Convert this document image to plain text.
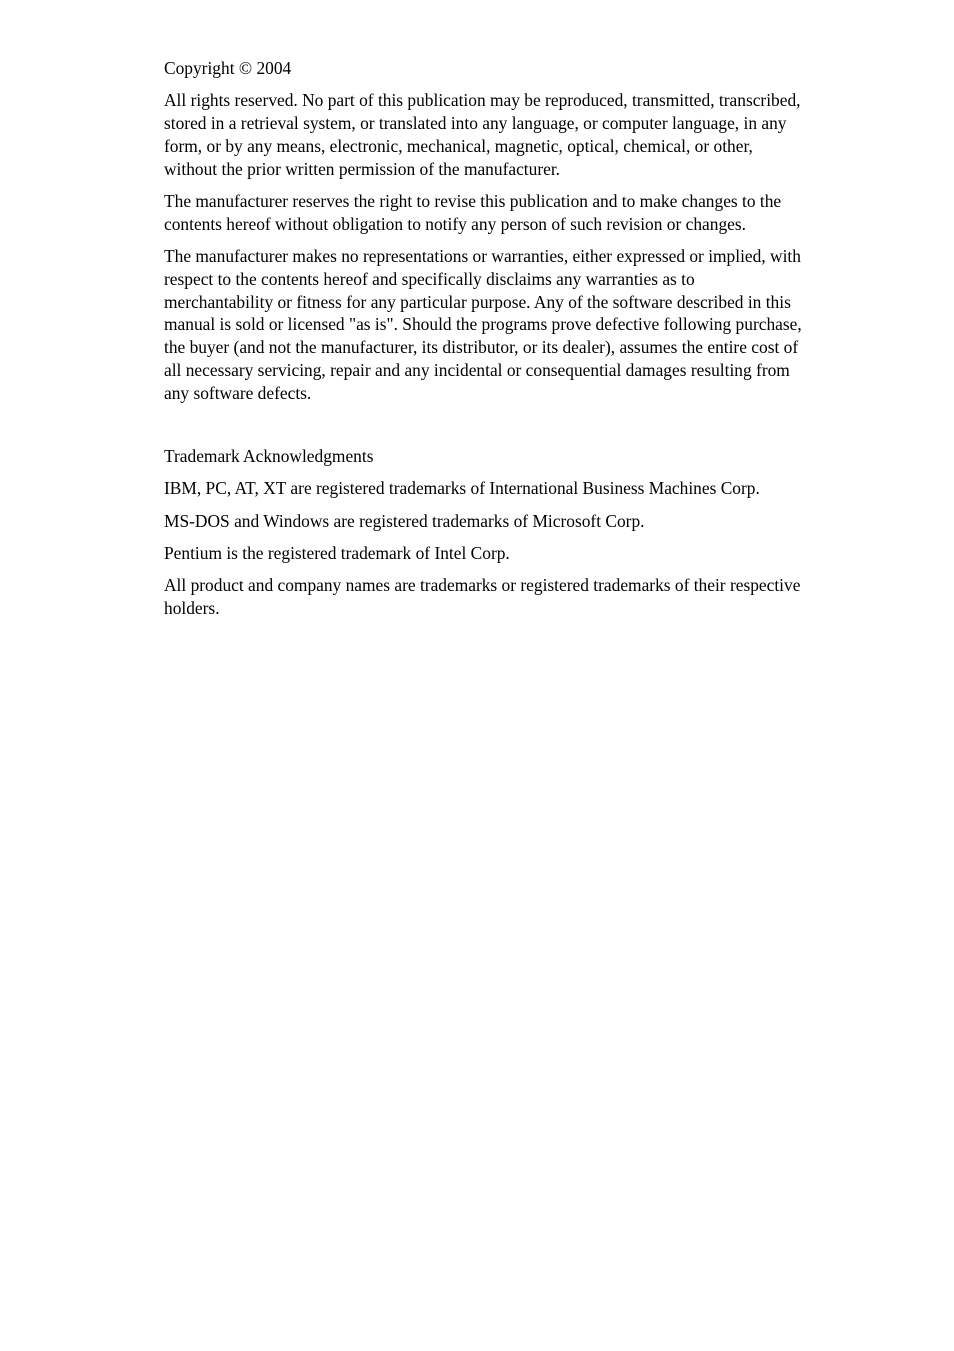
Copyright © 2004

All rights reserved. No part of this publication may be reproduced, transmitted, transcribed, stored in a retrieval system, or translated into any language, or computer language, in any form, or by any means, electronic, mechanical, magnetic, optical, chemical, or other, without the prior written permission of the manufacturer.

The manufacturer reserves the right to revise this publication and to make changes to the contents hereof without obligation to notify any person of such revision or changes.

The manufacturer makes no representations or warranties, either expressed or implied, with respect to the contents hereof and specifically disclaims any warranties as to merchantability or fitness for any particular purpose. Any of the software described in this manual is sold or licensed "as is". Should the programs prove defective following purchase, the buyer (and not the manufacturer, its distributor, or its dealer), assumes the entire cost of all necessary servicing, repair and any incidental or consequential damages resulting from any software defects.

Trademark Acknowledgments

IBM, PC, AT, XT are registered trademarks of International Business Machines Corp.

MS-DOS and Windows are registered trademarks of Microsoft Corp.

Pentium is the registered trademark of Intel Corp.

All product and company names are trademarks or registered trademarks of their respective holders.
